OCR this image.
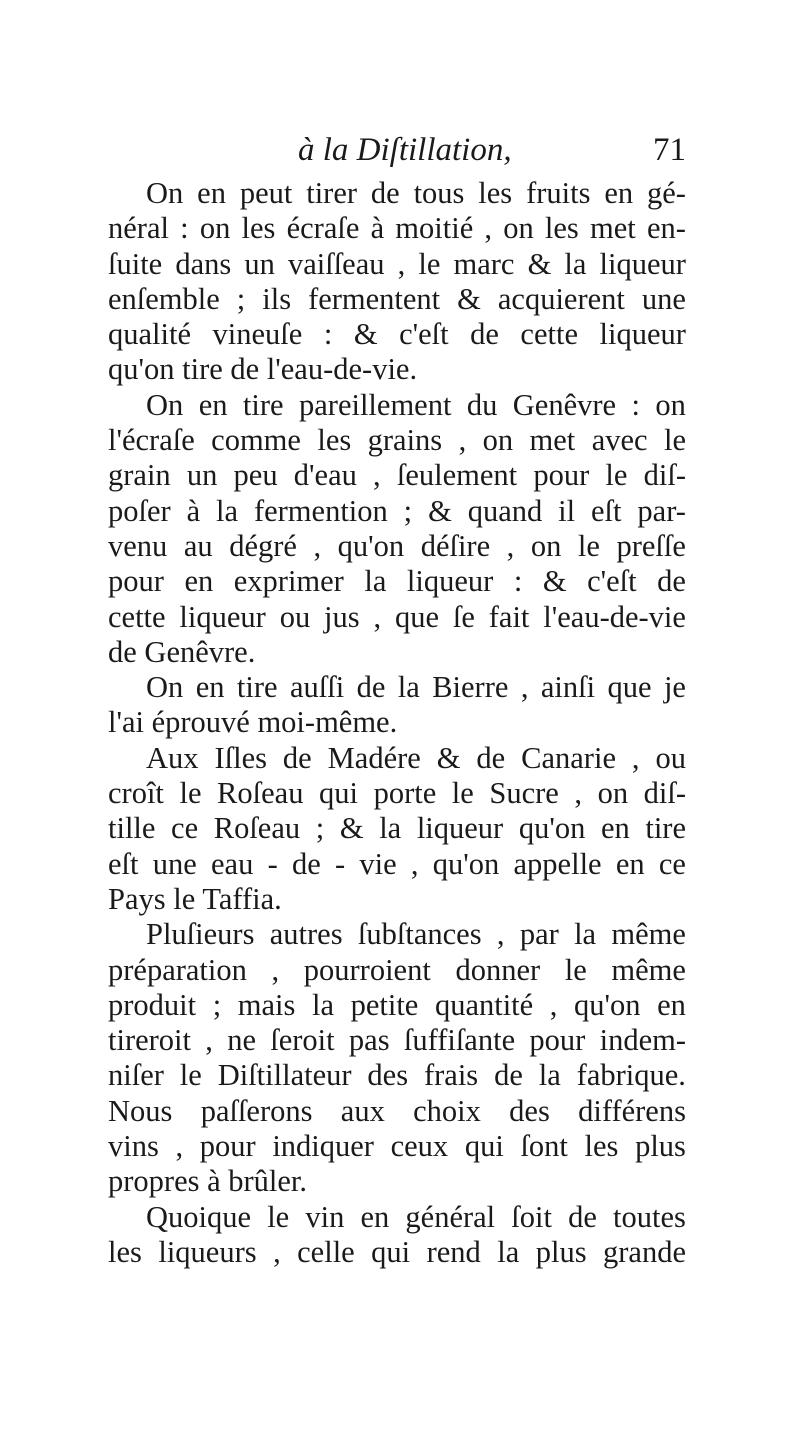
à la Diſtillation,	71
On en peut tirer de tous les fruits en gé-
néral : on les écraſe à moitié , on les met en-
ſuite dans un vaiſſeau , le marc & la liqueur
enſemble ; ils fermentent & acquierent une
qualité vineuſe : & c'eſt de cette liqueur
qu'on tire de l'eau-de-vie.
On en tire pareillement du Genêvre : on
l'écraſe comme les grains , on met avec le
grain un peu d'eau , ſeulement pour le diſ-
poſer à la fermention ; & quand il eſt par-
venu au dégré , qu'on déſire , on le preſſe
pour en exprimer la liqueur : & c'eſt de
cette liqueur ou jus , que ſe fait l'eau-de-vie
de Genêvre.
On en tire auſſi de la Bierre , ainſi que je
l'ai éprouvé moi-même.
Aux Iſles de Madére & de Canarie , ou
croît le Roſeau qui porte le Sucre , on diſ-
tille ce Roſeau ; & la liqueur qu'on en tire
eſt une eau - de - vie , qu'on appelle en ce
Pays le Taffia.
Pluſieurs autres ſubſtances , par la même
préparation , pourroient donner le même
produit ; mais la petite quantité , qu'on en
tireroit , ne ſeroit pas ſuffiſante pour indem-
niſer le Diſtillateur des frais de la fabrique.
Nous paſſerons aux choix des différens
vins , pour indiquer ceux qui ſont les plus
propres à brûler.
Quoique le vin en général ſoit de toutes
les liqueurs , celle qui rend la plus grande
